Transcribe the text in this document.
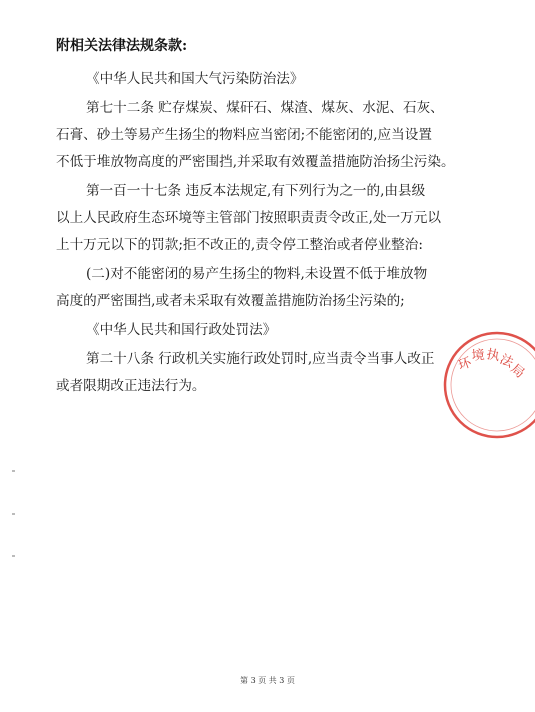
附相关法律法规条款:
《中华人民共和国大气污染防治法》
第七十二条 贮存煤炭、煤矸石、煤渣、煤灰、水泥、石灰、
石膏、砂土等易产生扬尘的物料应当密闭;不能密闭的,应当设置
不低于堆放物高度的严密围挡,并采取有效覆盖措施防治扬尘污染。
第一百一十七条 违反本法规定,有下列行为之一的,由县级
以上人民政府生态环境等主管部门按照职责责令改正,处一万元以
上十万元以下的罚款;拒不改正的,责令停工整治或者停业整治:
(二)对不能密闭的易产生扬尘的物料,未设置不低于堆放物
高度的严密围挡,或者未采取有效覆盖措施防治扬尘污染的;
《中华人民共和国行政处罚法》
第二十八条 行政机关实施行政处罚时,应当责令当事人改正
或者限期改正违法行为。
环
境 执
法
局
第 3 页 共 3 页
